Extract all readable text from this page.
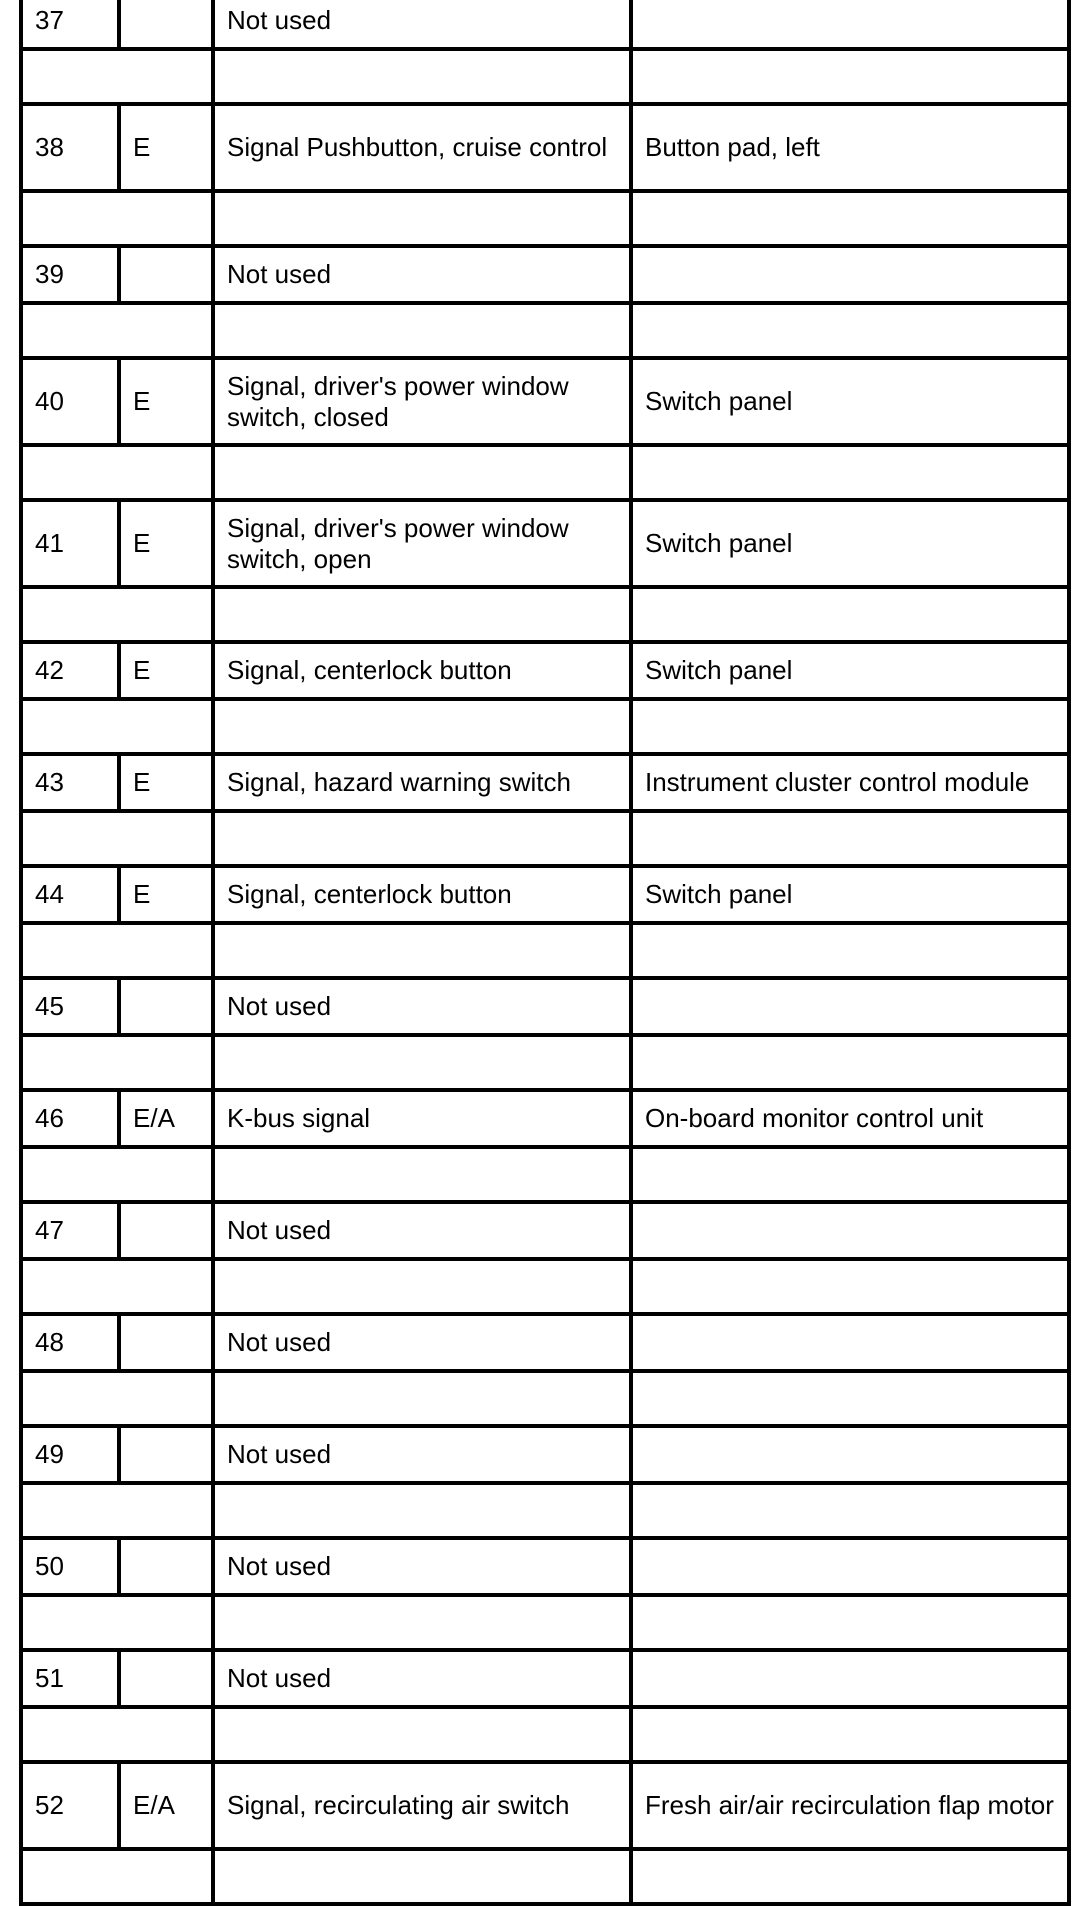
37		Not used	

38	E	Signal Pushbutton, cruise control	Button pad, left

39		Not used	

40	E	Signal, driver's power window switch, closed	Switch panel

41	E	Signal, driver's power window switch, open	Switch panel

42	E	Signal, centerlock button	Switch panel

43	E	Signal, hazard warning switch	Instrument cluster control module

44	E	Signal, centerlock button	Switch panel

45		Not used	

46	E/A	K-bus signal	On-board monitor control unit

47		Not used	

48		Not used	

49		Not used	

50		Not used	

51		Not used	

52	E/A	Signal, recirculating air switch	Fresh air/air recirculation flap motor
